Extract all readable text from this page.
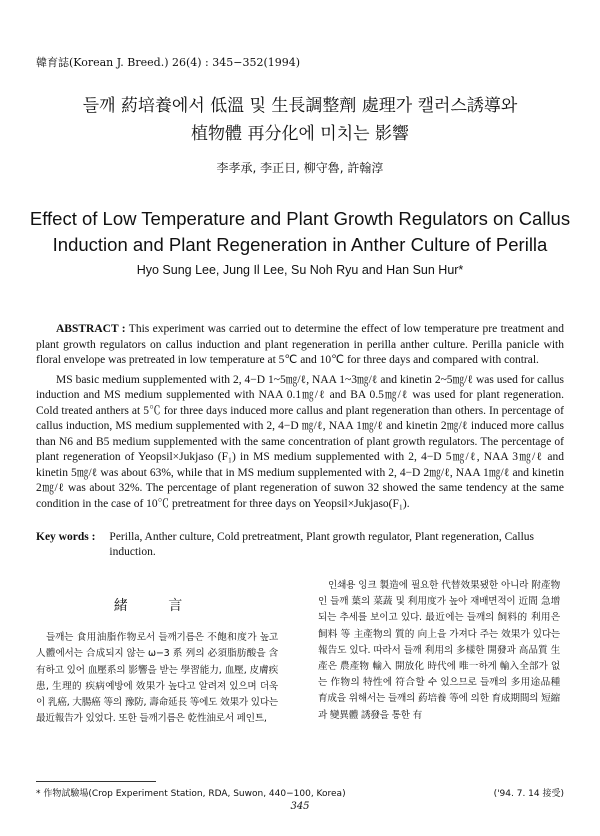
韓育誌(Korean J. Breed.) 26(4) : 345−352(1994)
들깨 葯培養에서 低溫 및 生長調整劑 處理가 캘러스誘導와
植物體 再分化에 미치는 影響
李孝承, 李正日, 柳守魯, 許翰淳
Effect of Low Temperature and Plant Growth Regulators on Callus
Induction and Plant Regeneration in Anther Culture of Perilla
Hyo Sung Lee, Jung Il Lee, Su Noh Ryu and Han Sun Hur*

ABSTRACT : This experiment was carried out to determine the effect of low temperature pre treatment and plant growth regulators on callus induction and plant regeneration in perilla anther culture. Perilla panicle with floral envelope was pretreated in low temperature at 5℃ and 10℃ for three days and compared with contral.

MS basic medium supplemented with 2, 4−D 1~5㎎/ℓ, NAA 1~3㎎/ℓ and kinetin 2~5㎎/ℓ was used for callus induction and MS medium supplemented with NAA 0.1㎎/ℓ and BA 0.5㎎/ℓ was used for plant regeneration. Cold treated anthers at 5℃ for three days induced more callus and plant regeneration than others. In percentage of callus induction, MS medium supplemented with 2, 4−D ㎎/ℓ, NAA 1㎎/ℓ and kinetin 2㎎/ℓ induced more callus than N6 and B5 medium supplemented with the same concentration of plant growth regulators. The percentage of plant regeneration of Yeopsil×Jukjaso (F₁) in MS medium supplemented with 2, 4−D 5㎎/ℓ, NAA 3㎎/ℓ and kinetin 5㎎/ℓ was about 63%, while that in MS medium supplemented with 2, 4−D 2㎎/ℓ, NAA 1㎎/ℓ and kinetin 2㎎/ℓ was about 32%. The percentage of plant regeneration of suwon 32 showed the same tendency at the same condition in the case of 10℃ pretreatment for three days on Yeopsil×Jukjaso(F₁).

Key words : Perilla, Anther culture, Cold pretreatment, Plant growth regulator, Plant regeneration, Callus induction.
緒 言

들깨는 食用油脂作物로서 들깨기름은 不飽和度가 높고 人體에서는 合成되지 않는 ω−3 系 列의 必須脂肪酸을 含有하고 있어 血壓系의 影響을 받는 學習能力, 血壓, 皮膚疾患, 生理的 疾病예방에 效果가 높다고 알려져 있으며 더욱이 乳癌, 大腸癌 等의 豫防, 壽命延長 等에도 效果가 있다는 最近報告가 있었다. 또한 들깨기름은 乾性油로서 페인트,

인쇄용 잉크 製造에 필요한 代替效果됐한 아니라 附產物인 들깨 葉의 菜蔬 및 利用度가 높아 재배면적이 近間 急增되는 추세를 보이고 있다. 最近에는 들깨의 飼料的 利用은 飼料 等 主產物의 質的 向上을 가져다 주는 效果가 있다는 報告도 있다. 따라서 들깨 利用의 多樣한 開發과 高品質 生產은 農產物 輸入 開放化 時代에 唯一하게 輸入全部가 없는 作物의 特性에 符合할 수 있으므로 들깨의 多用途品種 育成을 위해서는 들깨의 葯培養 等에 의한 育成期間의 短縮과 變異體 誘發을 통한 有

* 作物試驗場(Crop Experiment Station, RDA, Suwon, 440−100, Korea)	('94. 7. 14 接受)
345
